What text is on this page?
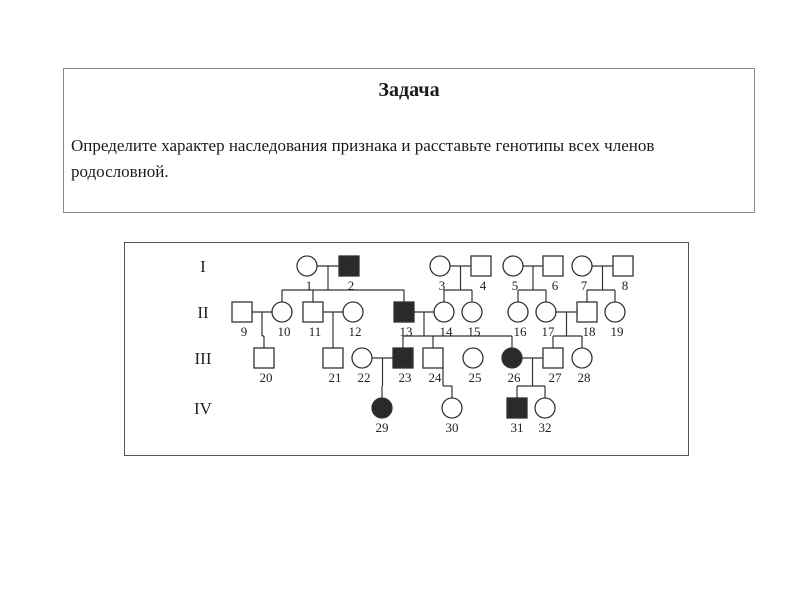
Задача
Определите характер наследования признака и расставьте генотипы всех членов родословной.
1	2	3	4 5	6 7	8
9 10 11 12	13 14 15	16 17 18 19
20	21 22 23 24 25 26 27 28
29	30	31 32
I
II
III
IV
